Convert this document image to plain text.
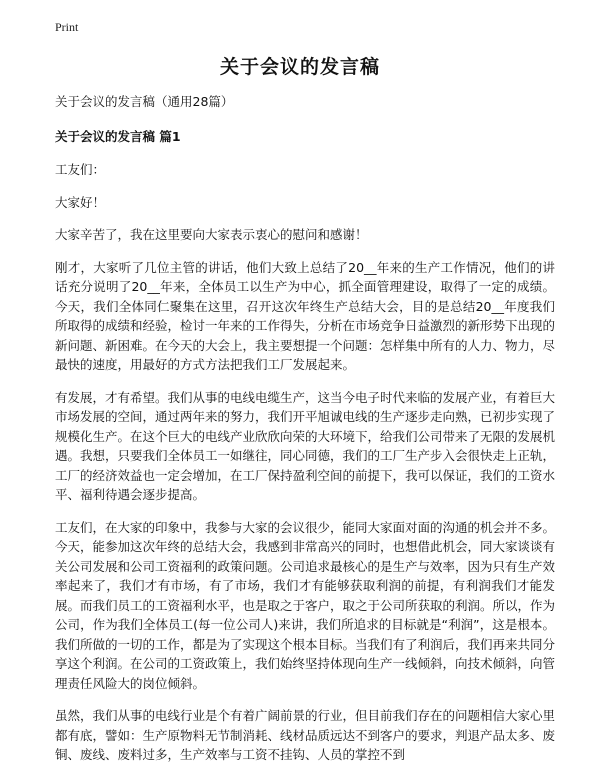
Print
关于会议的发言稿

关于会议的发言稿（通用28篇）

关于会议的发言稿 篇1

工友们：

大家好！

大家辛苦了，我在这里要向大家表示衷心的慰问和感谢！

刚才，大家听了几位主管的讲话，他们大致上总结了20__年来的生产工作情况，他们的讲话充分说明了20__年来，全体员工以生产为中心，抓全面管理建设，取得了一定的成绩。今天，我们全体同仁聚集在这里，召开这次年终生产总结大会，目的是总结20__年度我们所取得的成绩和经验，检讨一年来的工作得失，分析在市场竞争日益激烈的新形势下出现的新问题、新困难。在今天的大会上，我主要想提一个问题：怎样集中所有的人力、物力，尽最快的速度，用最好的方式方法把我们工厂发展起来。

有发展，才有希望。我们从事的电线电缆生产，这当今电子时代来临的发展产业，有着巨大市场发展的空间，通过两年来的努力，我们开平旭诚电线的生产逐步走向熟，已初步实现了规模化生产。在这个巨大的电线产业欣欣向荣的大环境下，给我们公司带来了无限的发展机遇。我想，只要我们全体员工一如继往，同心同德，我们的工厂生产步入会很快走上正轨，工厂的经济效益也一定会增加，在工厂保持盈利空间的前提下，我可以保证，我们的工资水平、福利待遇会逐步提高。

工友们，在大家的印象中，我参与大家的会议很少，能同大家面对面的沟通的机会并不多。今天，能参加这次年终的总结大会，我感到非常高兴的同时，也想借此机会，同大家谈谈有关公司发展和公司工资福利的政策问题。公司追求最核心的是生产与效率，因为只有生产效率起来了，我们才有市场，有了市场，我们才有能够获取利润的前提，有利润我们才能发展。而我们员工的工资福利水平，也是取之于客户，取之于公司所获取的利润。所以，作为公司，作为我们全体员工(每一位公司人)来讲，我们所追求的目标就是“利润”，这是根本。我们所做的一切的工作，都是为了实现这个根本目标。当我们有了利润后，我们再来共同分享这个利润。在公司的工资政策上，我们始终坚持体现向生产一线倾斜，向技术倾斜，向管理责任风险大的岗位倾斜。

虽然，我们从事的电线行业是个有着广阔前景的行业，但目前我们存在的问题相信大家心里都有底，譬如：生产原物料无节制消耗、线材品质远达不到客户的要求，判退产品太多、废铜、废线、废料过多，生产效率与工资不挂钩、人员的掌控不到
